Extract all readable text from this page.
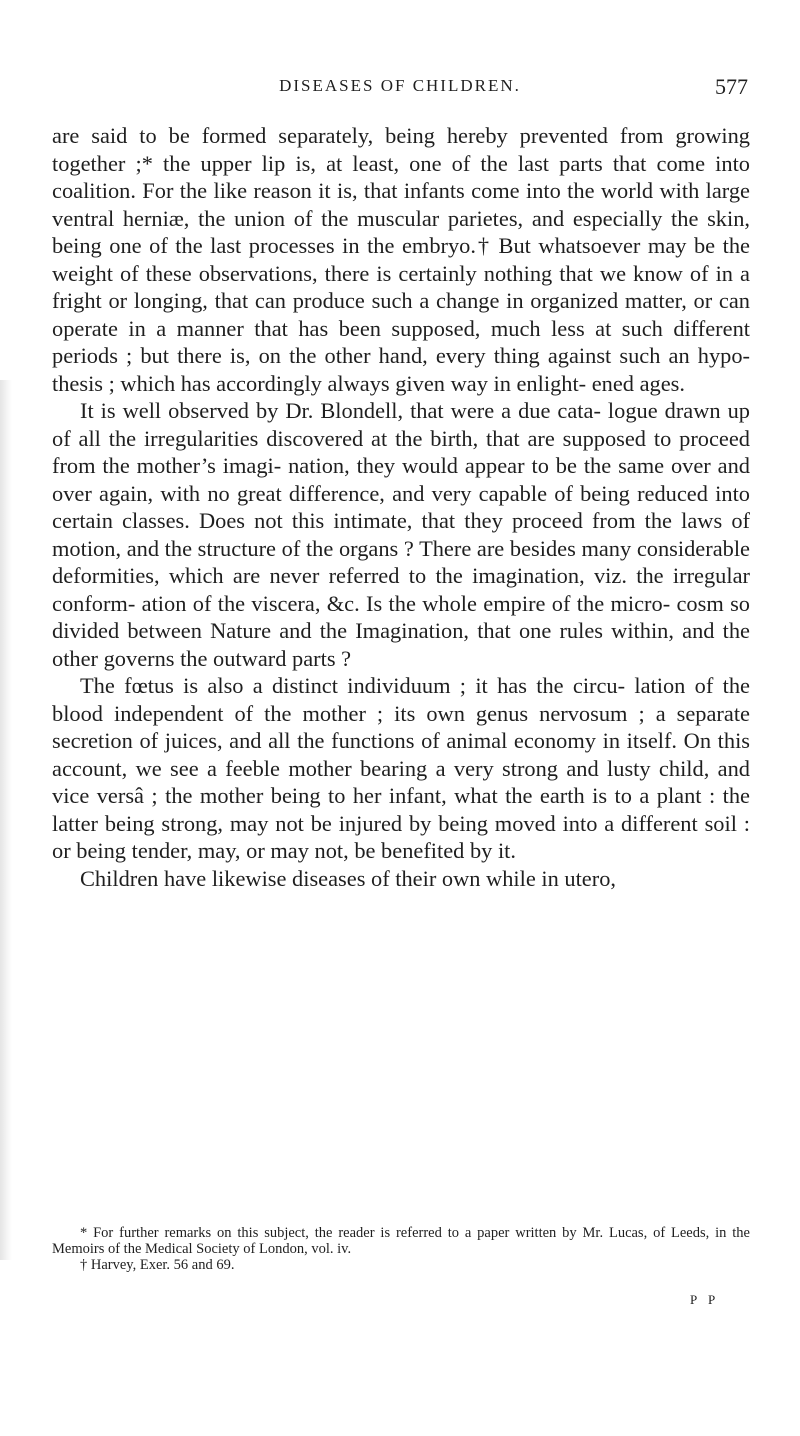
DISEASES OF CHILDREN.	577

are said to be formed separately, being hereby prevented from growing together ;* the upper lip is, at least, one of the last parts that come into coalition. For the like reason it is, that infants come into the world with large ventral herniæ, the union of the muscular parietes, and especially the skin, being one of the last processes in the embryo.† But whatsoever may be the weight of these observations, there is certainly nothing that we know of in a fright or longing, that can produce such a change in organized matter, or can operate in a manner that has been supposed, much less at such different periods ; but there is, on the other hand, every thing against such an hypo- thesis ; which has accordingly always given way in enlight- ened ages.

It is well observed by Dr. Blondell, that were a due cata- logue drawn up of all the irregularities discovered at the birth, that are supposed to proceed from the mother’s imagi- nation, they would appear to be the same over and over again, with no great difference, and very capable of being reduced into certain classes. Does not this intimate, that they proceed from the laws of motion, and the structure of the organs ? There are besides many considerable deformities, which are never referred to the imagination, viz. the irregular conform- ation of the viscera, &c. Is the whole empire of the micro- cosm so divided between Nature and the Imagination, that one rules within, and the other governs the outward parts ?

The fœtus is also a distinct individuum ; it has the circu- lation of the blood independent of the mother ; its own genus nervosum ; a separate secretion of juices, and all the functions of animal economy in itself. On this account, we see a feeble mother bearing a very strong and lusty child, and vice versâ ; the mother being to her infant, what the earth is to a plant : the latter being strong, may not be injured by being moved into a different soil : or being tender, may, or may not, be benefited by it.

Children have likewise diseases of their own while in utero,

* For further remarks on this subject, the reader is referred to a paper written by Mr. Lucas, of Leeds, in the Memoirs of the Medical Society of London, vol. iv.

† Harvey, Exer. 56 and 69.

P P
